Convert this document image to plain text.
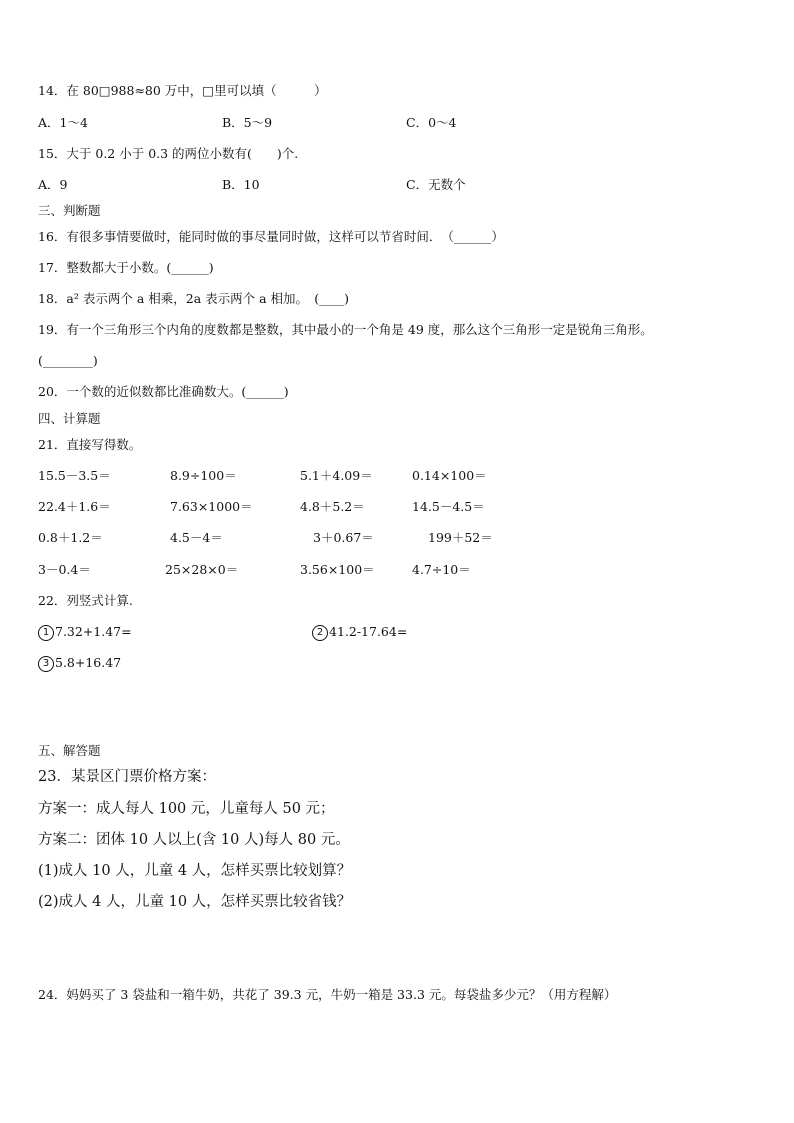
14．在 80□988≈80 万中，□里可以填（　　　）
A．1～4	B．5～9	C．0～4
15．大于 0.2 小于 0.3 的两位小数有(　　)个.
A．9	B．10	C．无数个
三、判断题
16．有很多事情要做时，能同时做的事尽量同时做，这样可以节省时间．　（______）
17．整数都大于小数。(______)
18．a² 表示两个 a 相乘，2a 表示两个 a 相加。　(____)
19．有一个三角形三个内角的度数都是整数，其中最小的一个角是 49 度，那么这个三角形一定是锐角三角形。
(________)
20．一个数的近似数都比准确数大。(______)
四、计算题
21．直接写得数。
15.5－3.5＝	8.9÷100＝	5.1＋4.09＝	0.14×100＝
22.4＋1.6＝	7.63×1000＝	4.8＋5.2＝	14.5－4.5＝
0.8＋1.2＝	4.5－4＝	3＋0.67＝	199＋52＝
3－0.4＝	25×28×0＝	3.56×100＝	4.7÷10＝
22．列竖式计算.
1 7.32+1.47=	2 41.2-17.64=
3 5.8+16.47
五、解答题
23．某景区门票价格方案：
方案一：成人每人 100 元，儿童每人 50 元；
方案二：团体 10 人以上(含 10 人)每人 80 元。
(1)成人 10 人，儿童 4 人，怎样买票比较划算？
(2)成人 4 人，儿童 10 人，怎样买票比较省钱？
24．妈妈买了 3 袋盐和一箱牛奶，共花了 39.3 元，牛奶一箱是 33.3 元。每袋盐多少元？（用方程解）
